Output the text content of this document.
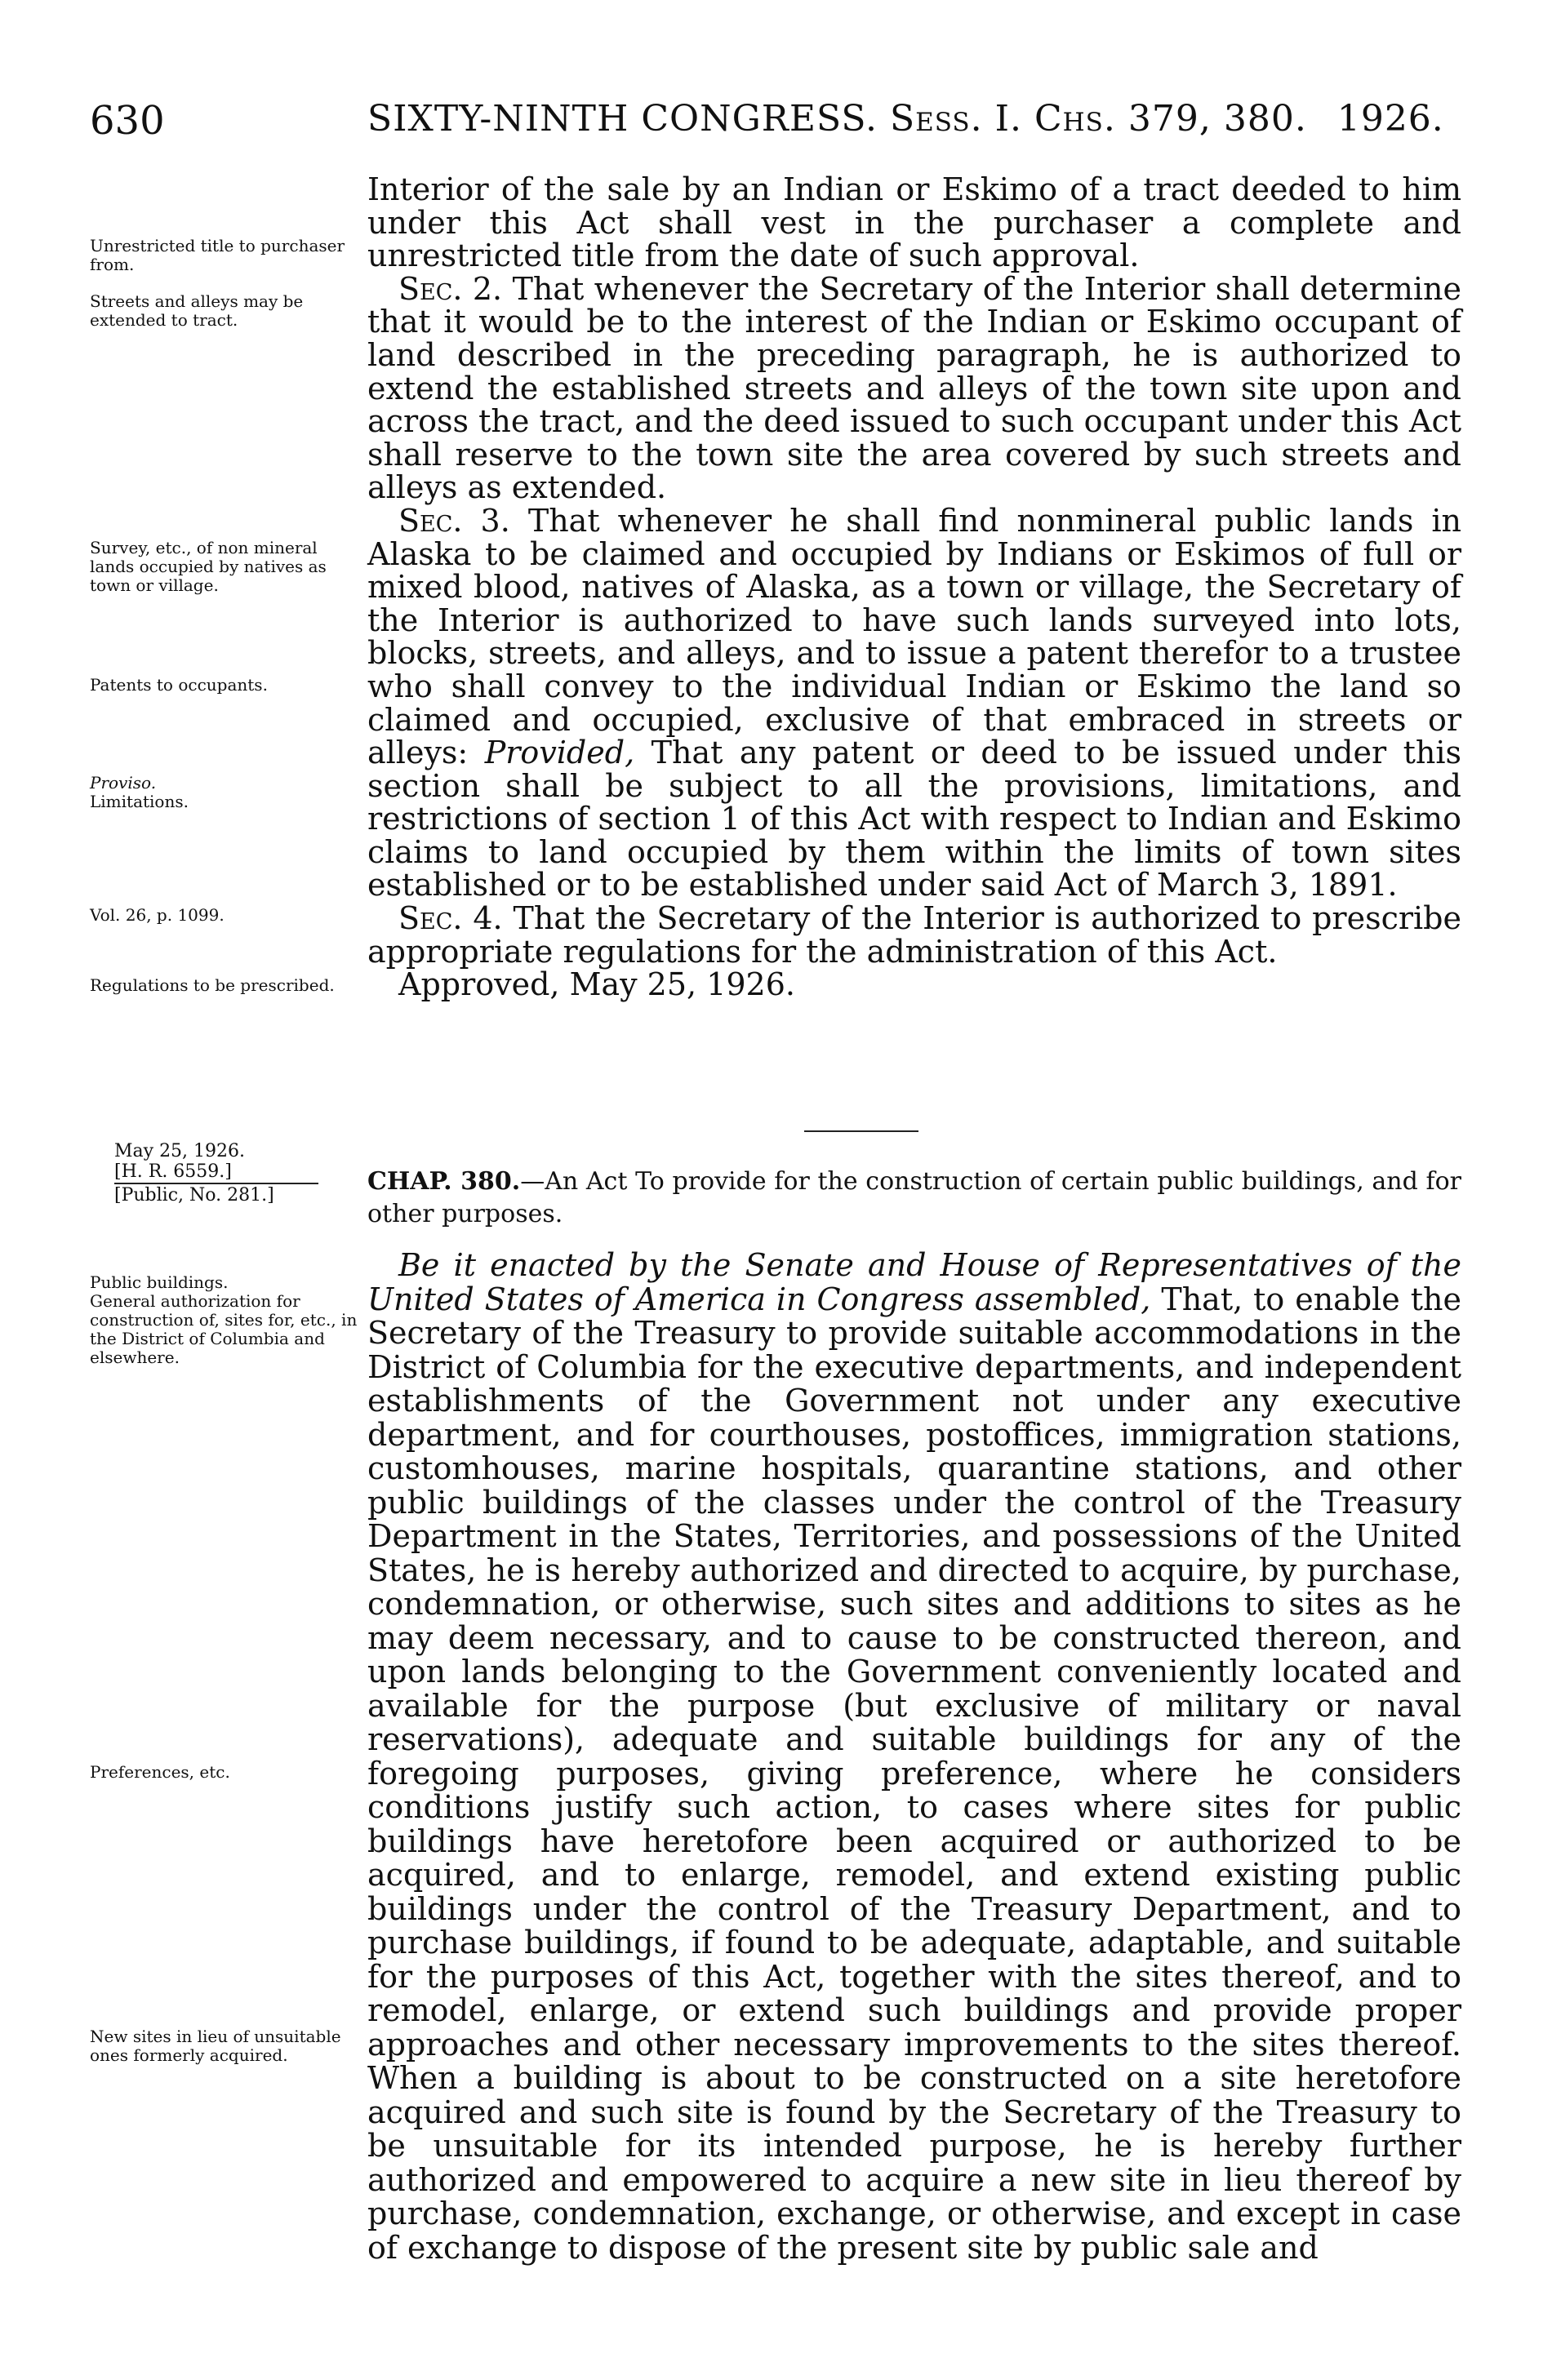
630	SIXTY-NINTH CONGRESS. Sess. I. Chs. 379, 380. 1926.
Unrestricted title to purchaser from.
Streets and alleys may be extended to tract.
Survey, etc., of non mineral lands occupied by natives as town or village.
Patents to occupants.
Proviso.
Limitations.
Vol. 26, p. 1099.
Regulations to be prescribed.
Public buildings.
General authorization for construction of, sites for, etc., in the District of Columbia and elsewhere.
Preferences, etc.
New sites in lieu of unsuitable ones formerly acquired.

Interior of the sale by an Indian or Eskimo of a tract deeded to him under this Act shall vest in the purchaser a complete and unrestricted title from the date of such approval.

Sec. 2. That whenever the Secretary of the Interior shall determine that it would be to the interest of the Indian or Eskimo occupant of land described in the preceding paragraph, he is authorized to extend the established streets and alleys of the town site upon and across the tract, and the deed issued to such occupant under this Act shall reserve to the town site the area covered by such streets and alleys as extended.

Sec. 3. That whenever he shall find nonmineral public lands in Alaska to be claimed and occupied by Indians or Eskimos of full or mixed blood, natives of Alaska, as a town or village, the Secretary of the Interior is authorized to have such lands surveyed into lots, blocks, streets, and alleys, and to issue a patent therefor to a trustee who shall convey to the individual Indian or Eskimo the land so claimed and occupied, exclusive of that embraced in streets or alleys: Provided, That any patent or deed to be issued under this section shall be subject to all the provisions, limitations, and restrictions of section 1 of this Act with respect to Indian and Eskimo claims to land occupied by them within the limits of town sites established or to be established under said Act of March 3, 1891.

Sec. 4. That the Secretary of the Interior is authorized to prescribe appropriate regulations for the administration of this Act.

Approved, May 25, 1926.

May 25, 1926.
[H. R. 6559.]
[Public, No. 281.]	CHAP. 380.—An Act To provide for the construction of certain public buildings, and for other purposes.

Be it enacted by the Senate and House of Representatives of the United States of America in Congress assembled, That, to enable the Secretary of the Treasury to provide suitable accommodations in the District of Columbia for the executive departments, and independent establishments of the Government not under any executive department, and for courthouses, postoffices, immigration stations, customhouses, marine hospitals, quarantine stations, and other public buildings of the classes under the control of the Treasury Department in the States, Territories, and possessions of the United States, he is hereby authorized and directed to acquire, by purchase, condemnation, or otherwise, such sites and additions to sites as he may deem necessary, and to cause to be constructed thereon, and upon lands belonging to the Government conveniently located and available for the purpose (but exclusive of military or naval reservations), adequate and suitable buildings for any of the foregoing purposes, giving preference, where he considers conditions justify such action, to cases where sites for public buildings have heretofore been acquired or authorized to be acquired, and to enlarge, remodel, and extend existing public buildings under the control of the Treasury Department, and to purchase buildings, if found to be adequate, adaptable, and suitable for the purposes of this Act, together with the sites thereof, and to remodel, enlarge, or extend such buildings and provide proper approaches and other necessary improvements to the sites thereof. When a building is about to be constructed on a site heretofore acquired and such site is found by the Secretary of the Treasury to be unsuitable for its intended purpose, he is hereby further authorized and empowered to acquire a new site in lieu thereof by purchase, condemnation, exchange, or otherwise, and except in case of exchange to dispose of the present site by public sale and
